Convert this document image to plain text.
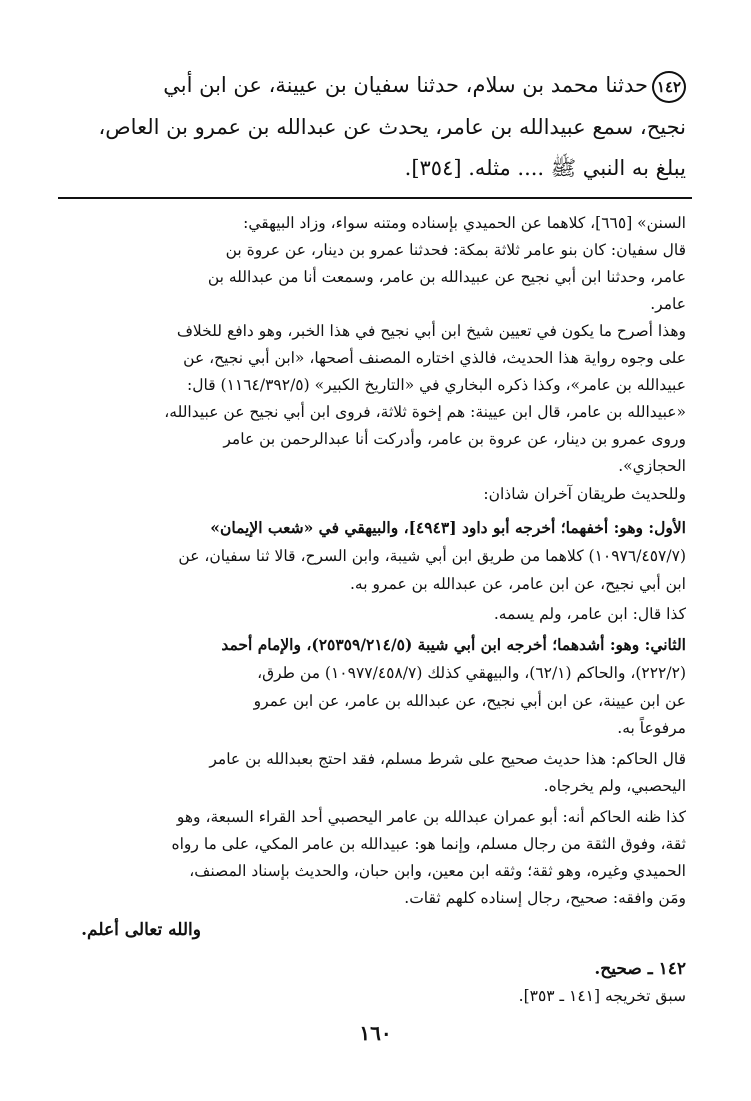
١٤٢حدثنا محمد بن سلام، حدثنا سفيان بن عيينة، عن ابن أبي
نجيح، سمع عبيدالله بن عامر، يحدث عن عبدالله بن عمرو بن العاص،
يبلغ به النبي ﷺ .... مثله. [٣٥٤].
السنن» [٦٦٥]، كلاهما عن الحميدي بإسناده ومتنه سواء، وزاد البيهقي:
قال سفيان: كان بنو عامر ثلاثة بمكة: فحدثنا عمرو بن دينار، عن عروة بن
عامر، وحدثنا ابن أبي نجيح عن عبيدالله بن عامر، وسمعت أنا من عبدالله بن
عامر.
وهذا أصرح ما يكون في تعيين شيخ ابن أبي نجيح في هذا الخبر، وهو دافع للخلاف
على وجوه رواية هذا الحديث، فالذي اختاره المصنف أصحها، «ابن أبي نجيح، عن
عبيدالله بن عامر»، وكذا ذكره البخاري في «التاريخ الكبير» (١١٦٤/٣٩٢/٥) قال:
«عبيدالله بن عامر، قال ابن عيينة: هم إخوة ثلاثة، فروى ابن أبي نجيح عن عبيدالله،
وروى عمرو بن دينار، عن عروة بن عامر، وأدركت أنا عبدالرحمن بن عامر
الحجازي».
وللحديث طريقان آخران شاذان:
الأول: وهو: أخفهما؛ أخرجه أبو داود [٤٩٤٣]، والبيهقي في «شعب الإيمان»
(١٠٩٧٦/٤٥٧/٧) كلاهما من طريق ابن أبي شيبة، وابن السرح، قالا ثنا سفيان، عن
ابن أبي نجيح، عن ابن عامر، عن عبدالله بن عمرو به.
كذا قال: ابن عامر، ولم يسمه.
الثاني: وهو: أشدهما؛ أخرجه ابن أبي شيبة (٢٥٣٥٩/٢١٤/٥)، والإمام أحمد
(٢٢٢/٢)، والحاكم (٦٢/١)، والبيهقي كذلك (١٠٩٧٧/٤٥٨/٧) من طرق،
عن ابن عيينة، عن ابن أبي نجيح، عن عبدالله بن عامر، عن ابن عمرو
مرفوعاً به.
قال الحاكم: هذا حديث صحيح على شرط مسلم، فقد احتج بعبدالله بن عامر
اليحصبي، ولم يخرجاه.
كذا ظنه الحاكم أنه: أبو عمران عبدالله بن عامر اليحصبي أحد القراء السبعة، وهو
ثقة، وفوق الثقة من رجال مسلم، وإنما هو: عبيدالله بن عامر المكي، على ما رواه
الحميدي وغيره، وهو ثقة؛ وثقه ابن معين، وابن حبان، والحديث بإسناد المصنف،
ومَن وافقه: صحيح، رجال إسناده كلهم ثقات.
والله تعالى أعلم.
١٤٢ ـ صحيح.
سبق تخريجه [١٤١ ـ ٣٥٣].
١٦٠
